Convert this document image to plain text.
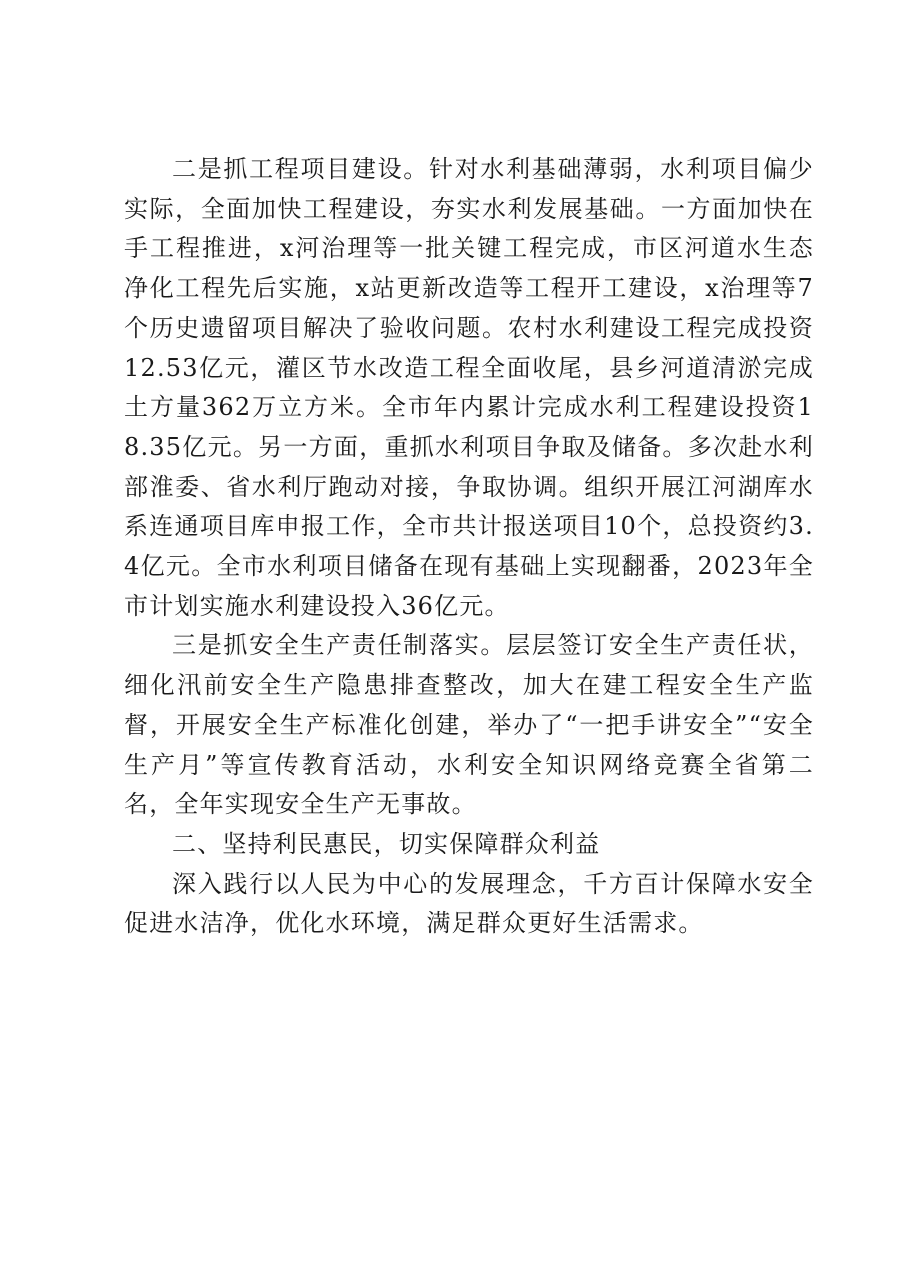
二是抓工程项目建设。针对水利基础薄弱，水利项目偏少实际，全面加快工程建设，夯实水利发展基础。一方面加快在手工程推进，x河治理等一批关键工程完成，市区河道水生态净化工程先后实施，x站更新改造等工程开工建设，x治理等7个历史遗留项目解决了验收问题。农村水利建设工程完成投资12.53亿元，灌区节水改造工程全面收尾，县乡河道清淤完成土方量362万立方米。全市年内累计完成水利工程建设投资18.35亿元。另一方面，重抓水利项目争取及储备。多次赴水利部淮委、省水利厅跑动对接，争取协调。组织开展江河湖库水系连通项目库申报工作，全市共计报送项目10个，总投资约3.4亿元。全市水利项目储备在现有基础上实现翻番，2023年全市计划实施水利建设投入36亿元。

三是抓安全生产责任制落实。层层签订安全生产责任状，细化汛前安全生产隐患排查整改，加大在建工程安全生产监督，开展安全生产标准化创建，举办了“一把手讲安全”“安全生产月”等宣传教育活动，水利安全知识网络竞赛全省第二名，全年实现安全生产无事故。

二、坚持利民惠民，切实保障群众利益

深入践行以人民为中心的发展理念，千方百计保障水安全促进水洁净，优化水环境，满足群众更好生活需求。
